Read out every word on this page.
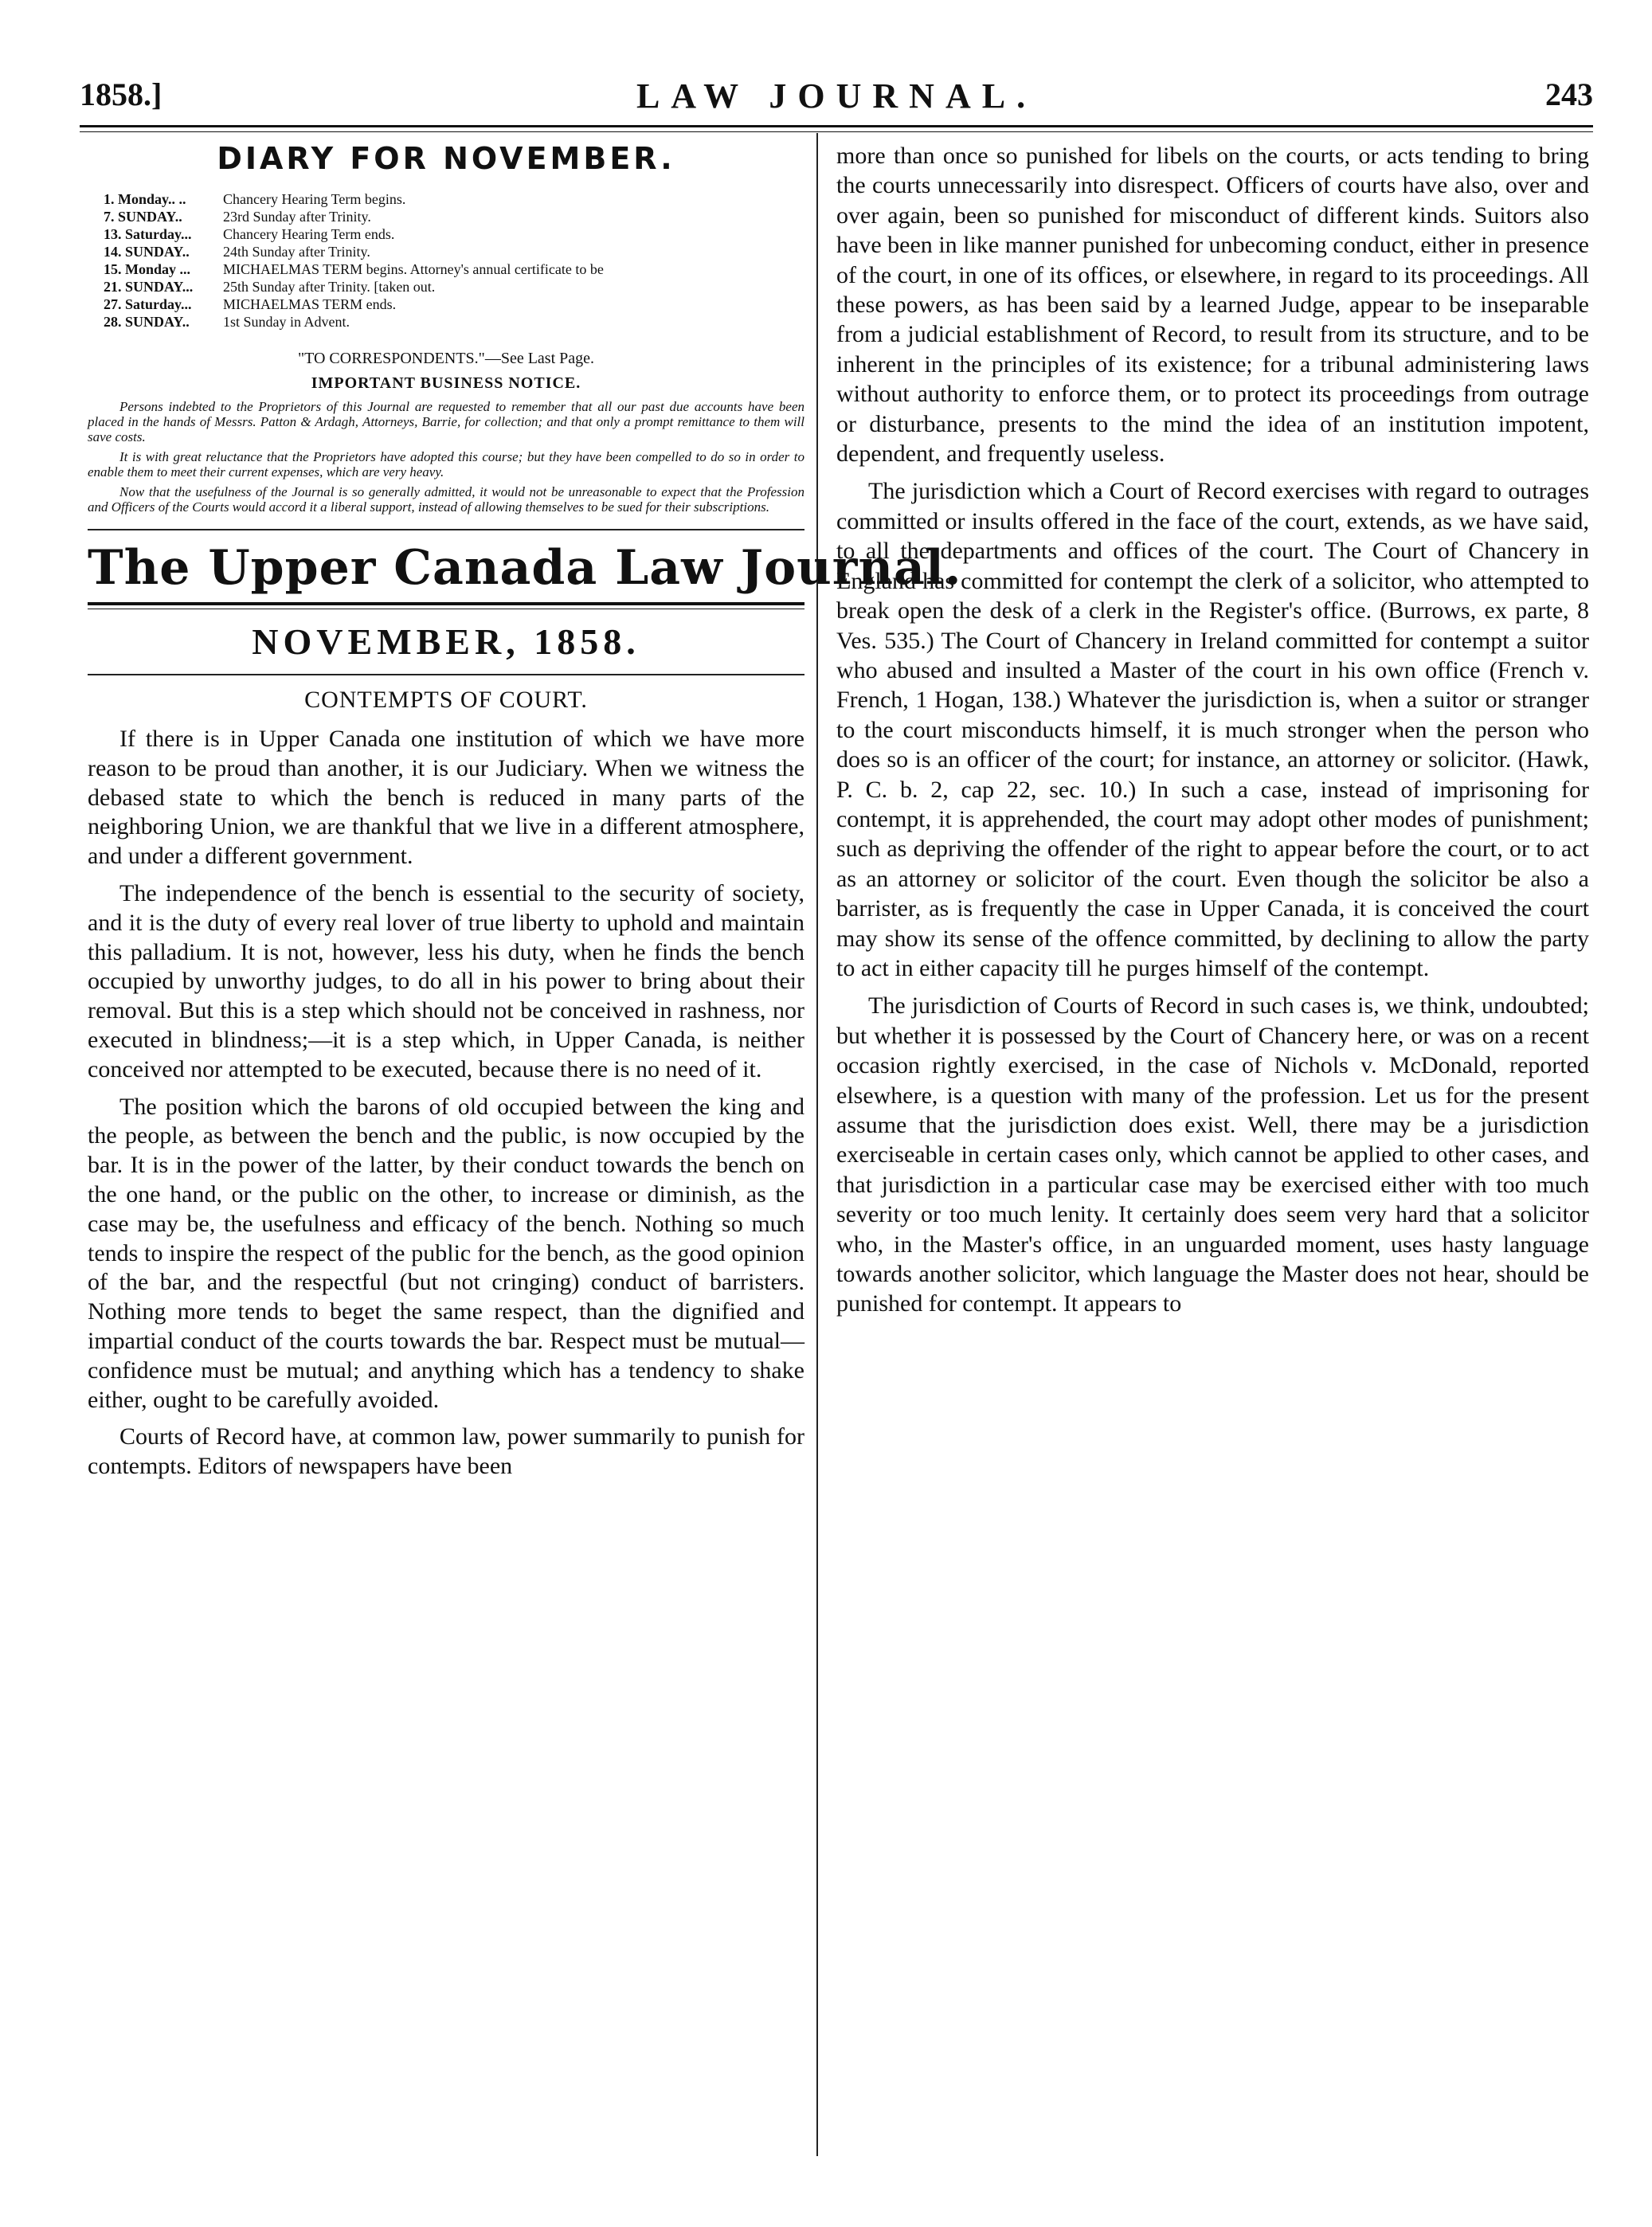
1858.]	LAW JOURNAL.	243
DIARY FOR NOVEMBER.
1. Monday.. ..	Chancery Hearing Term begins.
7. SUNDAY..	23rd Sunday after Trinity.
13. Saturday...	Chancery Hearing Term ends.
14. SUNDAY..	24th Sunday after Trinity.
15. Monday ...	MICHAELMAS TERM begins. Attorney's annual certificate to be
21. SUNDAY...	25th Sunday after Trinity. [taken out.
27. Saturday...	MICHAELMAS TERM ends.
28. SUNDAY..	1st Sunday in Advent.
"TO CORRESPONDENTS."—See Last Page.
IMPORTANT BUSINESS NOTICE.

Persons indebted to the Proprietors of this Journal are requested to remember that all our past due accounts have been placed in the hands of Messrs. Patton & Ardagh, Attorneys, Barrie, for collection; and that only a prompt remittance to them will save costs.

It is with great reluctance that the Proprietors have adopted this course; but they have been compelled to do so in order to enable them to meet their current expenses, which are very heavy.

Now that the usefulness of the Journal is so generally admitted, it would not be unreasonable to expect that the Profession and Officers of the Courts would accord it a liberal support, instead of allowing themselves to be sued for their subscriptions.

The Upper Canada Law Journal.
NOVEMBER, 1858.
CONTEMPTS OF COURT.

If there is in Upper Canada one institution of which we have more reason to be proud than another, it is our Judiciary. When we witness the debased state to which the bench is reduced in many parts of the neighboring Union, we are thankful that we live in a different atmosphere, and under a different government.

The independence of the bench is essential to the security of society, and it is the duty of every real lover of true liberty to uphold and maintain this palladium. It is not, however, less his duty, when he finds the bench occupied by unworthy judges, to do all in his power to bring about their removal. But this is a step which should not be conceived in rashness, nor executed in blindness;—it is a step which, in Upper Canada, is neither conceived nor attempted to be executed, because there is no need of it.

The position which the barons of old occupied between the king and the people, as between the bench and the public, is now occupied by the bar. It is in the power of the latter, by their conduct towards the bench on the one hand, or the public on the other, to increase or diminish, as the case may be, the usefulness and efficacy of the bench. Nothing so much tends to inspire the respect of the public for the bench, as the good opinion of the bar, and the respectful (but not cringing) conduct of barristers. Nothing more tends to beget the same respect, than the dignified and impartial conduct of the courts towards the bar. Respect must be mutual—confidence must be mutual; and anything which has a tendency to shake either, ought to be carefully avoided.

Courts of Record have, at common law, power summarily to punish for contempts. Editors of newspapers have been

more than once so punished for libels on the courts, or acts tending to bring the courts unnecessarily into disrespect. Officers of courts have also, over and over again, been so punished for misconduct of different kinds. Suitors also have been in like manner punished for unbecoming conduct, either in presence of the court, in one of its offices, or elsewhere, in regard to its proceedings. All these powers, as has been said by a learned Judge, appear to be inseparable from a judicial establishment of Record, to result from its structure, and to be inherent in the principles of its existence; for a tribunal administering laws without authority to enforce them, or to protect its proceedings from outrage or disturbance, presents to the mind the idea of an institution impotent, dependent, and frequently useless.

The jurisdiction which a Court of Record exercises with regard to outrages committed or insults offered in the face of the court, extends, as we have said, to all the departments and offices of the court. The Court of Chancery in England has committed for contempt the clerk of a solicitor, who attempted to break open the desk of a clerk in the Register's office. (Burrows, ex parte, 8 Ves. 535.) The Court of Chancery in Ireland committed for contempt a suitor who abused and insulted a Master of the court in his own office (French v. French, 1 Hogan, 138.) Whatever the jurisdiction is, when a suitor or stranger to the court misconducts himself, it is much stronger when the person who does so is an officer of the court; for instance, an attorney or solicitor. (Hawk, P. C. b. 2, cap 22, sec. 10.) In such a case, instead of imprisoning for contempt, it is apprehended, the court may adopt other modes of punishment; such as depriving the offender of the right to appear before the court, or to act as an attorney or solicitor of the court. Even though the solicitor be also a barrister, as is frequently the case in Upper Canada, it is conceived the court may show its sense of the offence committed, by declining to allow the party to act in either capacity till he purges himself of the contempt.

The jurisdiction of Courts of Record in such cases is, we think, undoubted; but whether it is possessed by the Court of Chancery here, or was on a recent occasion rightly exercised, in the case of Nichols v. McDonald, reported elsewhere, is a question with many of the profession. Let us for the present assume that the jurisdiction does exist. Well, there may be a jurisdiction exerciseable in certain cases only, which cannot be applied to other cases, and that jurisdiction in a particular case may be exercised either with too much severity or too much lenity. It certainly does seem very hard that a solicitor who, in the Master's office, in an unguarded moment, uses hasty language towards another solicitor, which language the Master does not hear, should be punished for contempt. It appears to
